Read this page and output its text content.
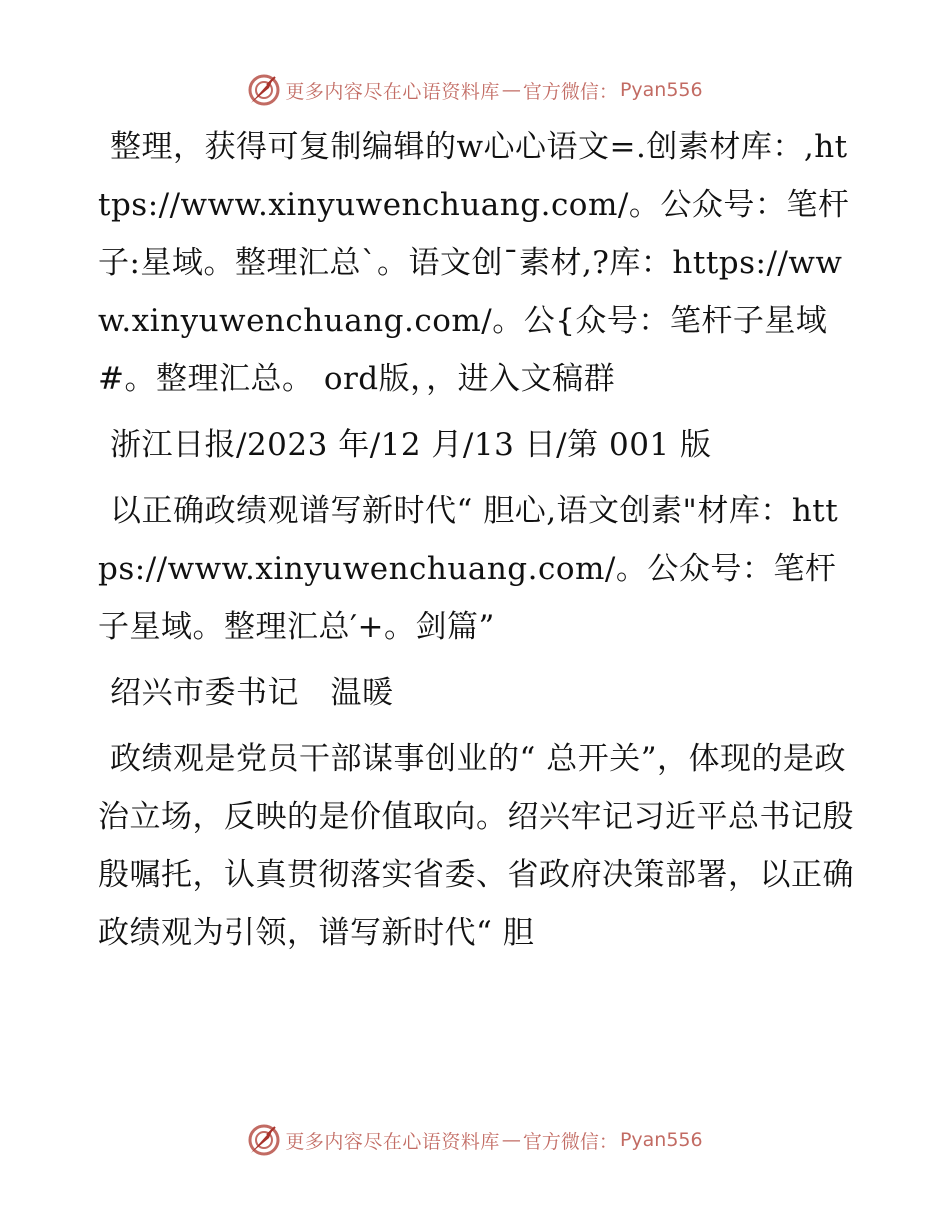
更多内容尽在心语资料库 — 官方微信： Pyan556

整理，获得可复制编辑的w心心语文=.创素材库：,https://www.xinyuwenchuang.com/。公众号：笔杆子:星域。整理汇总`。语文创¯素材,?库：https://www.xinyuwenchuang.com/。公{众号：笔杆子星域#。整理汇总。 ord版，，进入文稿群

浙江日报/2023 年/12 月/13 日/第 001 版

以正确政绩观谱写新时代“ 胆心,语文创素"材库：https://www.xinyuwenchuang.com/。公众号：笔杆子星域。整理汇总′+。剑篇”

绍兴市委书记　温暖

政绩观是党员干部谋事创业的“ 总开关”，体现的是政治立场，反映的是价值取向。绍兴牢记习近平总书记殷殷嘱托，认真贯彻落实省委、省政府决策部署，以正确政绩观为引领，谱写新时代“ 胆

更多内容尽在心语资料库 — 官方微信： Pyan556
